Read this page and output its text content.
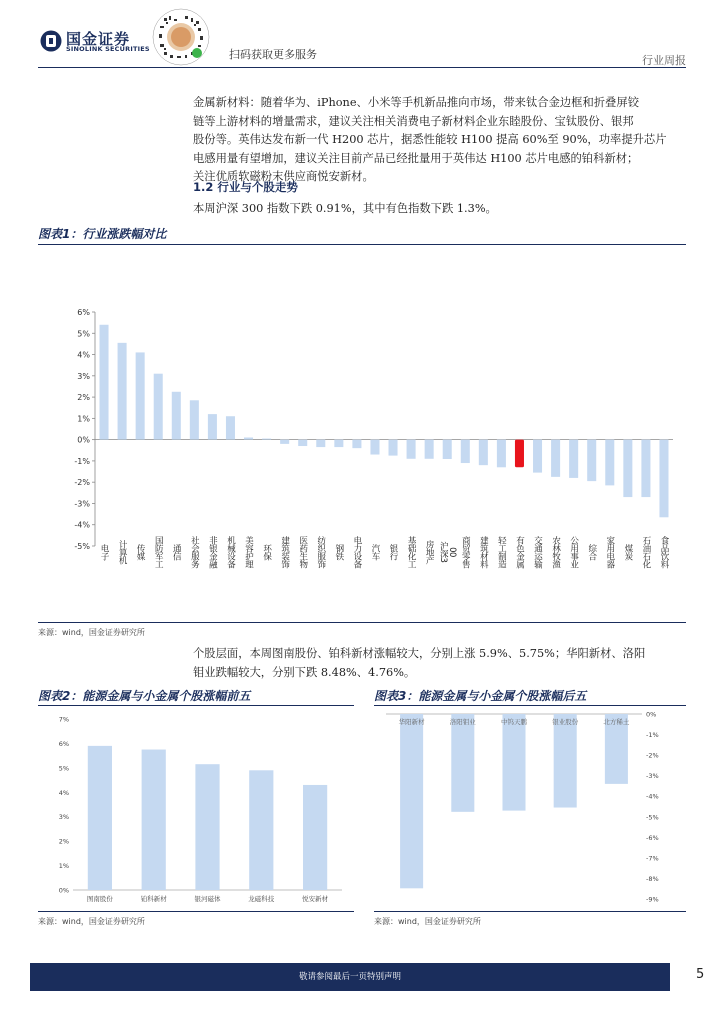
国金证券
SINOLINK SECURITIES	扫码获取更多服务	行业周报

金属新材料：随着华为、iPhone、小米等手机新品推向市场，带来钛合金边框和折叠屏铰

链等上游材料的增量需求，建议关注相关消费电子新材料企业东睦股份、宝钛股份、银邦

股份等。英伟达发布新一代 H200 芯片，据悉性能较 H100 提高 60%至 90%，功率提升芯片

电感用量有望增加，建议关注目前产品已经批量用于英伟达 H100 芯片电感的铂科新材；

关注优质软磁粉末供应商悦安新材。

1.2 行业与个股走势
本周沪深 300 指数下跌 0.91%，其中有色指数下跌 1.3%。
图表1：行业涨跌幅对比
-5%
-4%
-3%
-2%
-1%
0%
1%
2%
3%
4%
5%
6%
电子 计算机 传媒 国防军工 通信 社会服务 非银金融 机械设备 美容护理 环保 建筑装饰 医药生物 纺织服饰 钢铁 电力设备 汽车 银行 基础化工 房地产 沪深3 00 商贸零售 建筑材料 轻工制造 有色金属 交通运输 农林牧渔 公用事业 综合 家用电器 煤炭 石油石化 食品饮料
来源：wind，国金证券研究所

个股层面，本周图南股份、铂科新材涨幅较大，分别上涨 5.9%、5.75%；华阳新材、洛阳

钼业跌幅较大，分别下跌 8.48%、4.76%。

图表2：能源金属与小金属个股涨幅前五
0%
1%
2%
3%
4%
5%
6%
7%
图南股份	铂科新材	银河磁体	龙磁科技	悦安新材
来源：wind，国金证券研究所
图表3：能源金属与小金属个股涨幅后五
0%
-1%
-2%
-3%
-4%
-5%
-6%
-7%
-8%
-9%
华阳新材	洛阳钼业	中钨天鹏	银业股份	北方稀土
来源：wind，国金证券研究所
敬请参阅最后一页特别声明	5
